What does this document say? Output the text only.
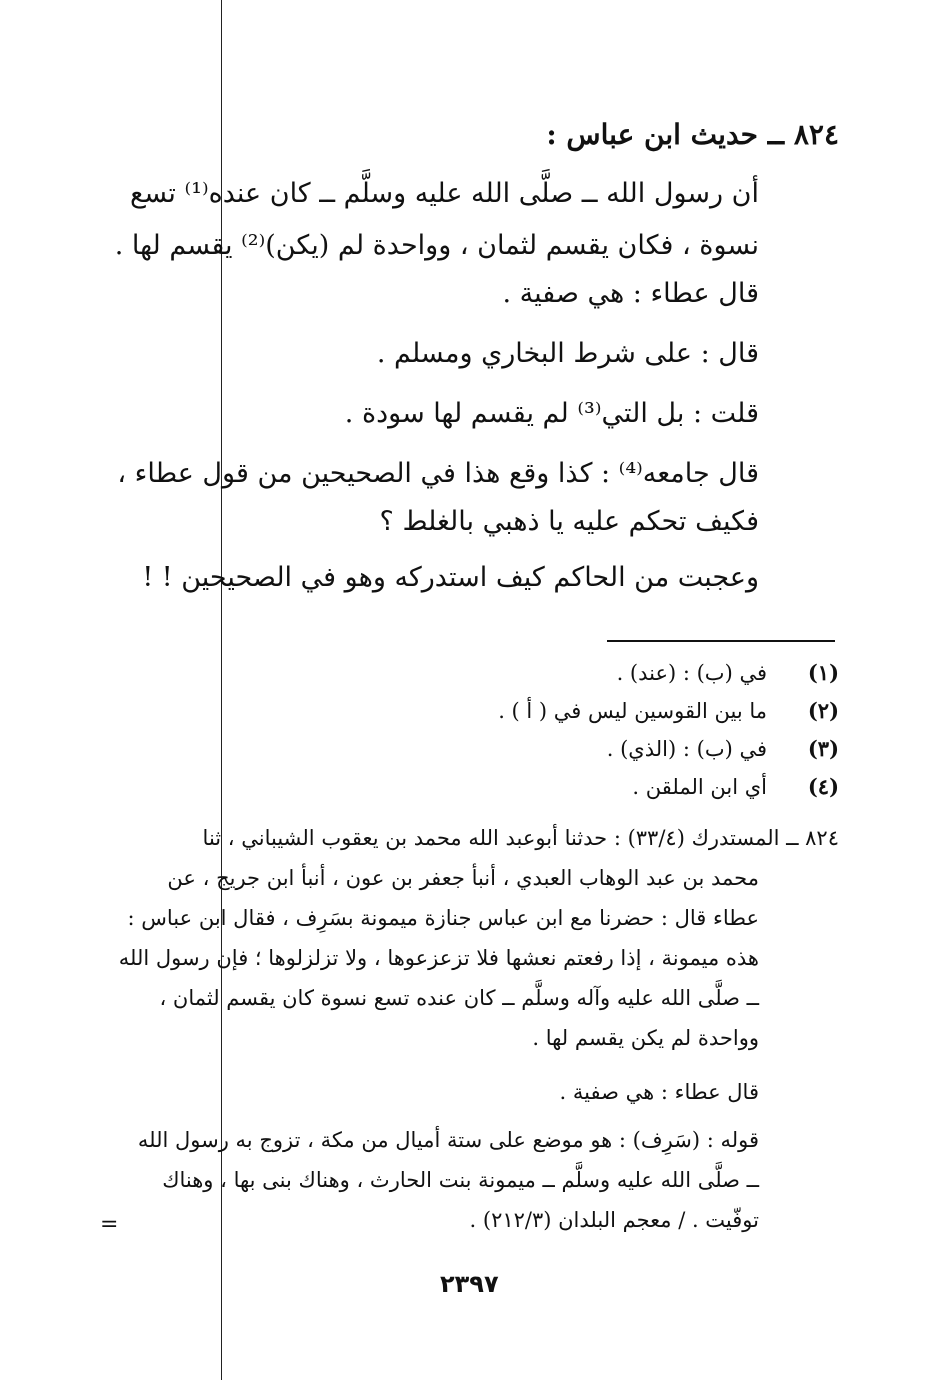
٨٢٤ ــ حديث ابن عباس :
أن رسول الله ــ صلَّى الله عليه وسلَّم ــ كان عنده⁽¹⁾ تسع
نسوة ، فكان يقسم لثمان ، وواحدة لم (يكن)⁽²⁾ يقسم لها .
قال عطاء : هي صفية .
قال : على شرط البخاري ومسلم .
قلت : بل التي⁽³⁾ لم يقسم لها سودة .
قال جامعه⁽⁴⁾ : كذا وقع هذا في الصحيحين من قول عطاء ،
فكيف تحكم عليه يا ذهبي بالغلط ؟
وعجبت من الحاكم كيف استدركه وهو في الصحيحين ! !
(١)في (ب) : (عند) .
(٢)ما بين القوسين ليس في ( أ ) .
(٣)في (ب) : (الذي) .
(٤)أي ابن الملقن .
٨٢٤ ــ المستدرك (٣٣/٤) : حدثنا أبوعبد الله محمد بن يعقوب الشيباني ، ثنا
محمد بن عبد الوهاب العبدي ، أنبأ جعفر بن عون ، أنبأ ابن جريج ، عن
عطاء قال : حضرنا مع ابن عباس جنازة ميمونة بسَرِف ، فقال ابن عباس :
هذه ميمونة ، إذا رفعتم نعشها فلا تزعزعوها ، ولا تزلزلوها ؛ فإن رسول الله
ــ صلَّى الله عليه وآله وسلَّم ــ كان عنده تسع نسوة كان يقسم لثمان ،
وواحدة لم يكن يقسم لها .
قال عطاء : هي صفية .
قوله : (سَرِف) : هو موضع على ستة أميال من مكة ، تزوج به رسول الله
ــ صلَّى الله عليه وسلَّم ــ ميمونة بنت الحارث ، وهناك بنى بها ، وهناك
توفّيت . / معجم البلدان (٢١٢/٣) .
=
٢٣٩٧
